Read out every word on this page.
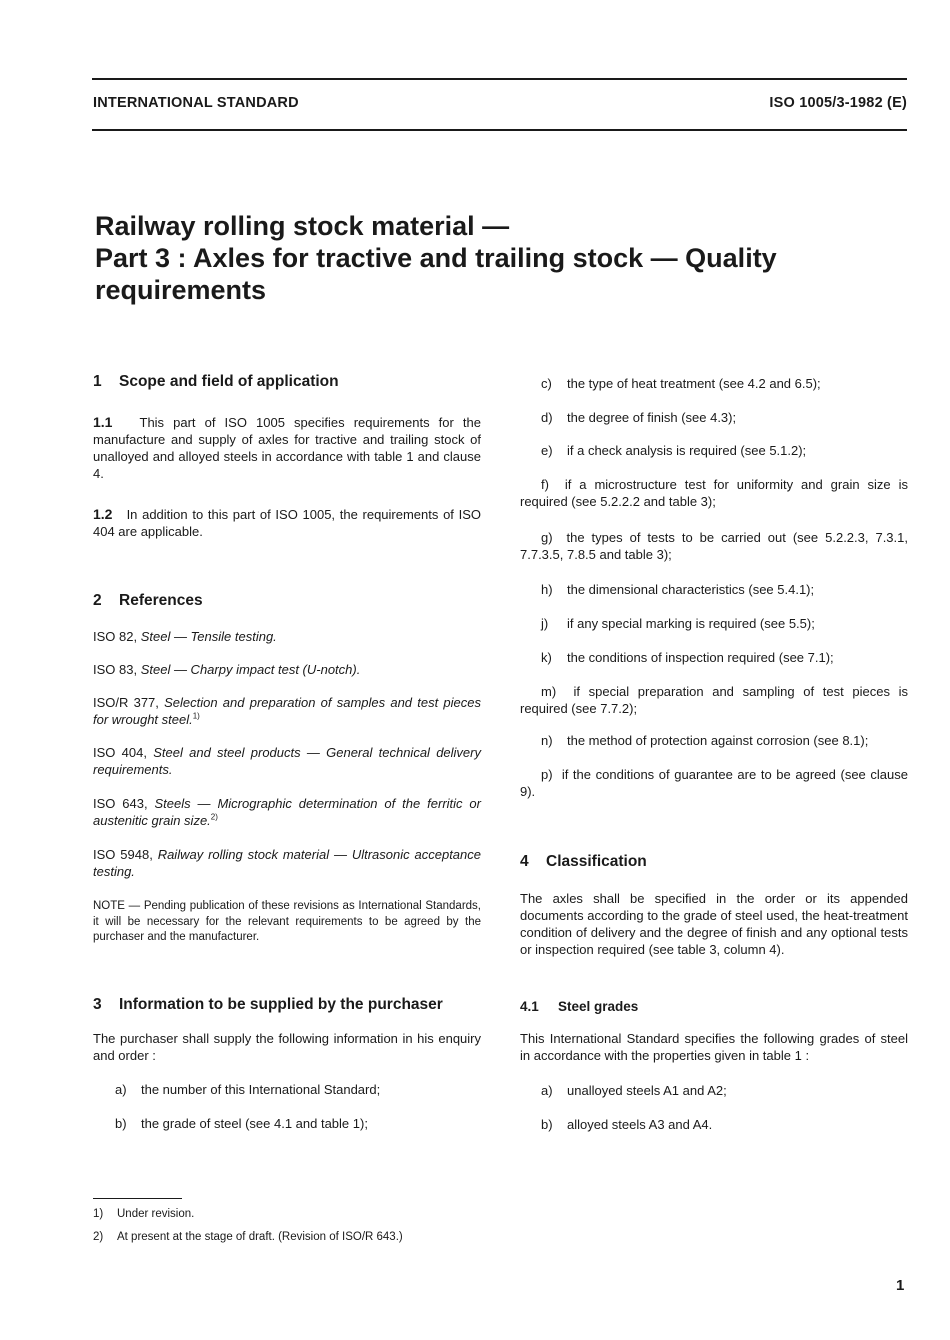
INTERNATIONAL STANDARD	ISO 1005/3-1982 (E)
Railway rolling stock material —
Part 3 : Axles for tractive and trailing stock — Quality
requirements
1 Scope and field of application

1.1 This part of ISO 1005 specifies requirements for the manufacture and supply of axles for tractive and trailing stock of unalloyed and alloyed steels in accordance with table 1 and clause 4.

1.2 In addition to this part of ISO 1005, the requirements of ISO 404 are applicable.

2 References
ISO 82, Steel — Tensile testing.
ISO 83, Steel — Charpy impact test (U-notch).
ISO/R 377, Selection and preparation of samples and test pieces for wrought steel.$^{1)}$
ISO 404, Steel and steel products — General technical delivery requirements.
ISO 643, Steels — Micrographic determination of the ferritic or austenitic grain size.$^{2)}$
ISO 5948, Railway rolling stock material — Ultrasonic acceptance testing.
NOTE — Pending publication of these revisions as International Standards, it will be necessary for the relevant requirements to be agreed by the purchaser and the manufacturer.
3 Information to be supplied by the purchaser
The purchaser shall supply the following information in his enquiry and order :
a) the number of this International Standard;
b) the grade of steel (see 4.1 and table 1);
c) the type of heat treatment (see 4.2 and 6.5);
d) the degree of finish (see 4.3);
e) if a check analysis is required (see 5.1.2);
f) if a microstructure test for uniformity and grain size is required (see 5.2.2.2 and table 3);
g) the types of tests to be carried out (see 5.2.2.3, 7.3.1, 7.7.3.5, 7.8.5 and table 3);
h) the dimensional characteristics (see 5.4.1);
j) if any special marking is required (see 5.5);
k) the conditions of inspection required (see 7.1);
m) if special preparation and sampling of test pieces is required (see 7.7.2);
n) the method of protection against corrosion (see 8.1);
p) if the conditions of guarantee are to be agreed (see clause 9).
4 Classification
The axles shall be specified in the order or its appended documents according to the grade of steel used, the heat-treatment condition of delivery and the degree of finish and any optional tests or inspection required (see table 3, column 4).
4.1 Steel grades
This International Standard specifies the following grades of steel in accordance with the properties given in table 1 :
a) unalloyed steels A1 and A2;
b) alloyed steels A3 and A4.
1) Under revision.
2) At present at the stage of draft. (Revision of ISO/R 643.)
1
